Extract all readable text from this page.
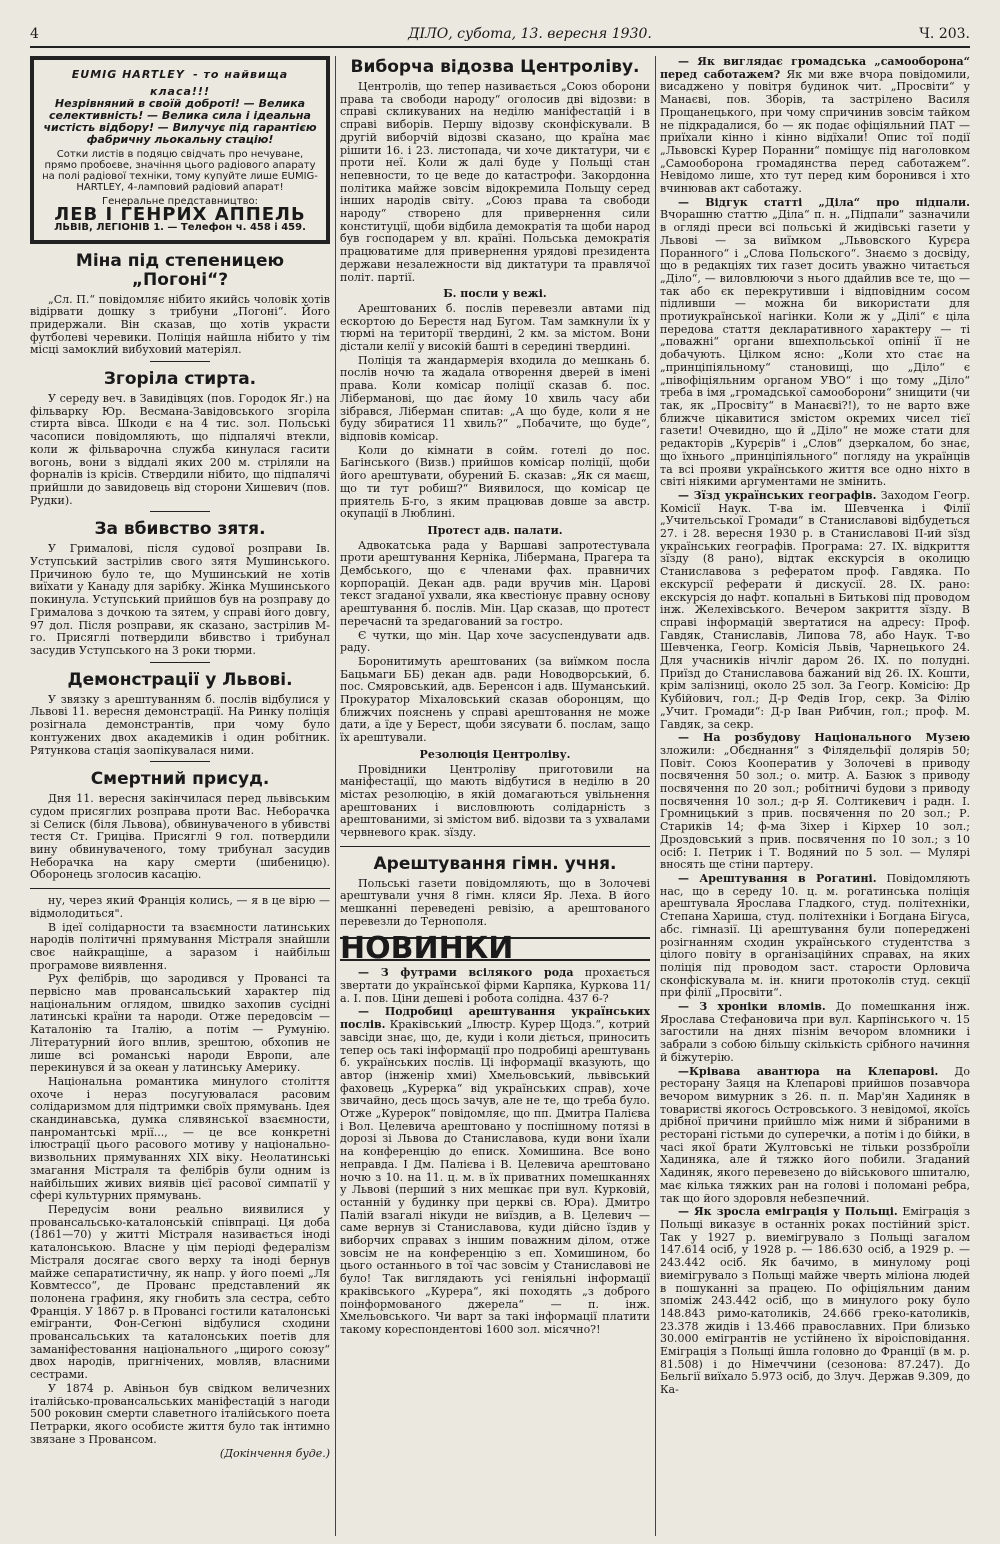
4	ДІЛО, субота, 13. вересня 1930.	Ч. 203.
EUMIG HARTLEY - то найвища класа!!!
Незрівняний в своїй доброті! — Велика селективність! — Велика сила і ідеальна чистість відбору! — Вилучує під гарантією фабричну льокальну стацію!
Сотки листів в подяцю свідчать про нечуване, прямо пробоєве, значіння цього радіового апарату на полі радіової техніки, тому купуйте лише EUMIG-HARTLEY, 4-ламповий радіовий апарат!
Генеральне представництво:
ЛЕВ І ГЕНРИХ АППЕЛЬ
ЛЬВІВ, ЛЕГІОНІВ 1. — Телефон ч. 458 і 459.
Міна під степеницею „Погоні“?

„Сл. П.“ повідомляє нібито якийсь чоловік хотів відірвати дошку з трибуни „Погоні“. Його придержали. Він сказав, що хотів украсти футболеві черевики. Поліція найшла нібито у тім місці замоклий вибуховий матеріял.

Згоріла стирта.

У середу веч. в Завидівцях (пов. Городок Яг.) на фільварку Юр. Весмана-Завідовського згоріла стирта вівса. Шкоди є на 4 тис. зол. Польські часописи повідомляють, що підпалячі втекли, коли ж фільварочна служба кинулася гасити вогонь, вони з віддалі яких 200 м. стріляли на форналів із крісів. Ствердили нібито, що підпалячі прийшли до завидовець від сторони Хишевич (пов. Рудки).

За вбивство зятя.

У Грималові, після судової розправи Ів. Уступський застрілив свого зятя Мушинського. Причиною було те, що Мушинський не хотів виїхати у Канаду для зарібку. Жінка Мушинського покинула. Уступський прийшов був на розправу до Грималова з дочкою та зятем, у справі його довгу, 97 дол. Після розправи, як сказано, застрілив М-го. Присяглі потвердили вбивство і трибунал засудив Уступського на 3 роки тюрми.

Демонстрації у Львові.

У звязку з арештуванням б. послів відбулися у Львові 11. вересня демонстрації. На Ринку поліція розігнала демонстрантів, при чому було контужених двох академиків і один робітник. Рятункова стація заопікувалася ними.

Смертний присуд.

Дня 11. вересня закінчилася перед львівським судом присяглих розправа проти Вас. Неборачка зі Селиск (біля Львова), обвинуваченого в убивстві тестя Ст. Грицівa. Присяглі 9 гол. потвердили вину обвинуваченого, тому трибунал засудив Неборачка на кару смерти (шибеницю). Оборонець зголосив касацію.

ну, через який Франція колись, — я в це вірю — відмолодиться".

В ідеї солідарности та взаємности латинських народів політичні прямування Містраля знайшли своє найкращіше, а заразом і найбільш програмове виявлення.

Рух фелібрів, що зародився у Провансі та первісно мав провансальський характер під національним оглядом, швидко захопив сусідні латинські країни та народи. Отже передовсім — Каталонію та Італію, а потім — Румунію. Літературний його вплив, зрештою, обхопив не лише всі романські народи Европи, але перекинувся й за океан у латинську Америку.

Національна романтика минулого століття охоче і нераз посугуювалася расовим солідаризмом для підтримки своїх прямувань. Ідея скандинавська, думка слявянської взаємности, панромантські мрії..., — це все конкретні ілюстрації цього расового мотиву у національно-визвольних прямуваннях XIX віку. Неолатинські змагання Містраля та фелібрів були одним із найбільших живих виявів цієї расової симпатії у сфері культурних прямувань.

Передусім вони реально виявилися у провансальсько-каталонській співпраці. Ця доба (1861—70) у житті Містраля називається іноді каталонською. Власне у цім періоді федералізм Містраля досягає свого верху та іноді бернув майже сепаратистичну, як напр. у його поемі „Ля Ковмтессо“, де Прованс представлений як полонена графиня, яку гнобить зла сестра, себто Франція. У 1867 р. в Провансі гостили каталонські емігранти, Фон-Сегюні відбулися сходини провансальських та каталонських поетів для заманіфестовання національного „щирого союзу“ двох народів, пригнічених, мовляв, власними сестрами.

У 1874 р. Авіньон був свідком величезних італійсько-провансальських маніфестацій з нагоди 500 роковин смерти славетного італійського поета Петрарки, якого особисте життя було так інтимно звязане з Провансом.

(Докінчення буде.)
Виборча відозва Центроліву.

Центролів, що тепер називається „Союз оборони права та свободи народу“ оголосив дві відозви: в справі скликуваних на неділю маніфестацій і в справі виборів. Першу відозву сконфіскували. В другій виборчій відозві сказано, що країна має рішити 16. і 23. листопада, чи хоче диктатури, чи є проти неї. Коли ж далі буде у Польщі стан непевности, то це веде до катастрофи. Закордонна політика майже зовсім відокремила Польщу серед інших народів світу. „Союз права та свободи народу“ створено для привернення сили конституції, щоби відбила демократія та щоби народ був господарем у вл. країні. Польська демократія працюватиме для привернення урядові президента держави незалежности від диктатури та правлячої політ. партії.

Б. посли у вежі.

Арештованих б. послів перевезли автами під ескортою до Берестя над Бугом. Там замкнули їх у тюрмі на території твердині, 2 км. за містом. Вони дістали келії у високій башті в середині твердині.

Поліція та жандармерія входила до мешкань б. послів ночю та жадала отворення дверей в імені права. Коли комісар поліції сказав б. пос. Ліберманові, що дає йому 10 хвиль часу аби зібрався, Ліберман спитав: „А що буде, коли я не буду збиратися 11 хвиль?“ „Побачите, що буде“, відповів комісар.

Коли до кімнати в сойм. готелі до пос. Багінського (Визв.) прийшов комісар поліції, щоби його арештувати, обурений Б. сказав: „Як ся маєш, що ти тут робиш?“ Виявилося, що комісар це приятель Б-го, з яким працював довше за австр. окупації в Люблині.

Протест адв. палати.

Адвокатська рада у Варшаві запротестувала проти арештування Керніка, Лібермана, Прагера та Дембського, що є членами фах. правничих корпорацій. Декан адв. ради вручив мін. Царові текст згаданої ухвали, яка квестіонує правну основу арештування б. послів. Мін. Цар сказав, що протест перечаснй та зредагований за гостро.

Є чутки, що мін. Цар хоче засуспендувати адв. раду.

Боронитимуть арештованих (за виїмком посла Бацьмаги ББ) декан адв. ради Новодворський, б. пос. Смяровський, адв. Беренсон і адв. Шуманський. Прокуратор Міхаловський сказав оборонцям, що ближчих пояснень у справі арештовання не може дати, а їде у Берест, щоби зясувати б. послам, защо їх арештували.

Резолюція Центроліву.

Провідники Центроліву приготовили на маніфестації, що мають відбутися в неділю в 20 містах резолюцію, в якій домагаються увільнення арештованих і висловлюють солідарність з арештованими, зі змістом виб. відозви та з ухвалами червневого крак. зїзду.

Арештування гімн. учня.

Польські газети повідомляють, що в Золочеві арештували учня 8 гімн. кляси Яр. Леха. В його мешканні переведені ревізію, а арештованого перевезли до Тернополя.

НОВИНКИ

— З футрами всілякого рода прохається звертати до української фірми Карпяка, Куркова 11/а. І. пов. Ціни дешеві і робота солідна. 437 6-?

— Подробиці арештування українських послів. Краківський „Ілюстр. Курер Щодз.“, котрий завсіди знає, що, де, куди і коли діється, приносить тепер ось такі інформації про подробиці арештувань б. українських послів. Ці інформації вказують, що автор (інженір хмиі) Хмельовський, львівський фаховець „Курерка“ від українських справ), хоче звичайно, десь щось зачув, але не те, що треба було. Отже „Курерок“ повідомляє, що пп. Дмитра Палієва і Вол. Целевича арештовано у поспішному потязі в дорозі зі Львова до Станиславова, куди вони їхали на конференцію до еписк. Хомишина. Все воно неправда. І Дм. Палієва і В. Целевича арештовано ночю з 10. на 11. ц. м. в їх приватних помешканнях у Львові (перший з них мешкає при вул. Курковій, останній у будинку при церкві св. Юра). Дмитро Палій взагалі нікуди не виїздив, а В. Целевич — саме вернув зі Станиславова, куди дійсно їздив у виборчих справах з іншим поважним ділом, отже зовсім не на конференцію з еп. Хомишином, бо цього останнього в тої час зовсім у Станиславові не було! Так виглядають усі геніяльні інформації краківського „Курера“, які походять „з доброго поінформованого джерела“ — п. інж. Хмельовського. Чи варт за такі інформації платити такому кореспондентові 1600 зол. місячно?!

— Як виглядає громадська „самооборона“ перед саботажем? Як ми вже вчора повідомили, висаджено у повітря будинок чит. „Просвіти“ у Манаєві, пов. Зборів, та застрілено Василя Прощанецького, при чому спричинив зовсім тайком не підкрадалися, бо — як подає офіціяльний ПАТ — приїхали кінно і кінно відїхали! Опис тої події „Львовскі Курер Поранни“ поміщує під наголовком „Самооборона громадянства перед саботажем“. Невідомо лише, хто тут перед ким боронився і хто вчинював акт саботажу.

— Відгук статті „Діла“ про підпали. Вчорашню статтю „Діла“ п. н. „Підпали“ зазначили в огляді преси всі польські й жидівські газети у Львові — за виїмком „Львовского Курєра Поранного“ і „Слова Польского“. Знаємо з досвіду, що в редакціях тих газет досить уважно читається „Діло“, — виловлюючи з нього ддайлив все те, що — так або єк перекрутивши і відповідним сосом підливши — можна би використати для протиукраїнської нагінки. Коли ж у „Ділі“ є ціла передова стаття декларативного характеру — ті „поважні“ органи вшехпольської опінії її не добачують. Цілком ясно: „Коли хто стає на „принціпіяльному“ становищі, що „Діло“ є „півофіціяльним органом УВО“ і що тому „Діло“ треба в імя „громадської самооборони“ знищити (чи так, як „Просвіту“ в Манаєві?!), то не варто вже ближче цікавитися змістом окремих чисел тієї газети! Очевидно, що й „Діло“ не може стати для редакторів „Курєрів“ і „Слов“ дзеркалом, бо знає, що їхнього „принціпіяльного“ погляду на українців та всі прояви українського життя все одно ніхто в світі ніякими аргументами не змінить.

— Зїзд українських географів. Заходом Геогр. Комісії Наук. Т-ва ім. Шевченка і Філії „Учительської Громади“ в Станиславові відбудеться 27. і 28. вересня 1930 р. в Станиславові II-ий зїзд українських географів. Програма: 27. IX. відкриття зїзду (8 рано), відтак екскурсія в околицю Станиславова з рефератом проф. Гавдяка. По екскурсії реферати й дискусії. 28. IX. рано: екскурсія до нафт. копальні в Битькові під проводом інж. Желехівського. Вечером закриття зїзду. В справі інформацій звертатися на адресу: Проф. Гавдяк, Станиславів, Липова 78, або Наук. Т-во Шевченка, Геогр. Комісія Львів, Чарнецького 24. Для учасників нічліг даром 26. IX. по полудні. Приїзд до Станиславова бажаний від 26. IX. Кошти, крім залізниці, около 25 зол. За Геогр. Комісію: Др Кубійович, гол.; Д-р Федів Ігор, секр. За Філію „Учит. Громади“: Д-р Іван Рибчин, гол.; проф. М. Гавдяк, за секр.

— На розбудову Національного Музею зложили: „Обєднання“ з Філядельфії долярів 50; Повіт. Союз Кооператив у Золочеві в приводу посвячення 50 зол.; о. митр. А. Базюк з приводу посвячення по 20 зол.; робітничі будови з приводу посвячення 10 зол.; д-р Я. Солтикевич і радн. І. Громницький з прив. посвячення по 20 зол.; Р. Стариків 14; ф-ма Зіхер і Кірхер 10 зол.; Дроздовський з прив. посвячення по 10 зол.; з 10 осіб: І. Петрик і Т. Водяний по 5 зол. — Мулярі вносять ще стіни партеру.

— Арештування в Рогатині. Повідомляють нас, що в середу 10. ц. м. рогатинська поліція арештувала Ярослава Гладкого, студ. політехніки, Степана Хариша, студ. політехніки і Богдана Бігуса, абс. гімназії. Ці арештування були попереджені розігнанням сходин українського студентства з цілого повіту в організаційних справах, на яких поліція під проводом заст. старости Орловича сконфіскувала м. ін. книги протоколів студ. секції при філії „Просвіти“.

— З хроніки вломів. До помешкання інж. Ярослава Стефановича при вул. Карпінського ч. 15 загостили на днях пізнім вечором вломники і забрали з собою більшу скількість срібного начиння й біжутерію.

—Крівава авантюра на Клепарові. До ресторану Заяця на Клепарові прийшов позавчора вечором вимурник з 26. п. п. Мар'ян Хадиняк в товаристві якогось Островського. З невідомої, якоїсь дрібної причини прийшло між ними й зібраними в ресторані гістьми до суперечки, а потім і до бійки, в часі якої брати Жултовські не тільки роззброїли Хадиняка, але й тяжко його побили. Згаданий Хадиняк, якого перевезено до військового шпиталю, має кілька тяжких ран на голові і поломані ребра, так що його здоровля небезпечний.

— Як зросла еміграція у Польщі. Еміграція з Польщі виказує в останніх роках постійний зріст. Так у 1927 р. виемігрувало з Польщі загалом 147.614 осіб, у 1928 р. — 186.630 осіб, а 1929 р. — 243.442 осіб. Як бачимо, в минулому році виемігрувало з Польщі майже чверть міліона людей в пошуканні за працею. По офіціяльним даним зпоміж 243.442 осіб, що в минулого року було 148.843 римо-католиків, 24.666 греко-католиків, 23.378 жидів і 13.466 православних. При близько 30.000 емігрантів не устійнено їх віроісповідання. Еміграція з Польщі йшла головно до Франції (в м. р. 81.508) і до Німеччини (сезонова: 87.247). До Бельгії виїхало 5.973 осіб, до Злуч. Держав 9.309, до Ка-
